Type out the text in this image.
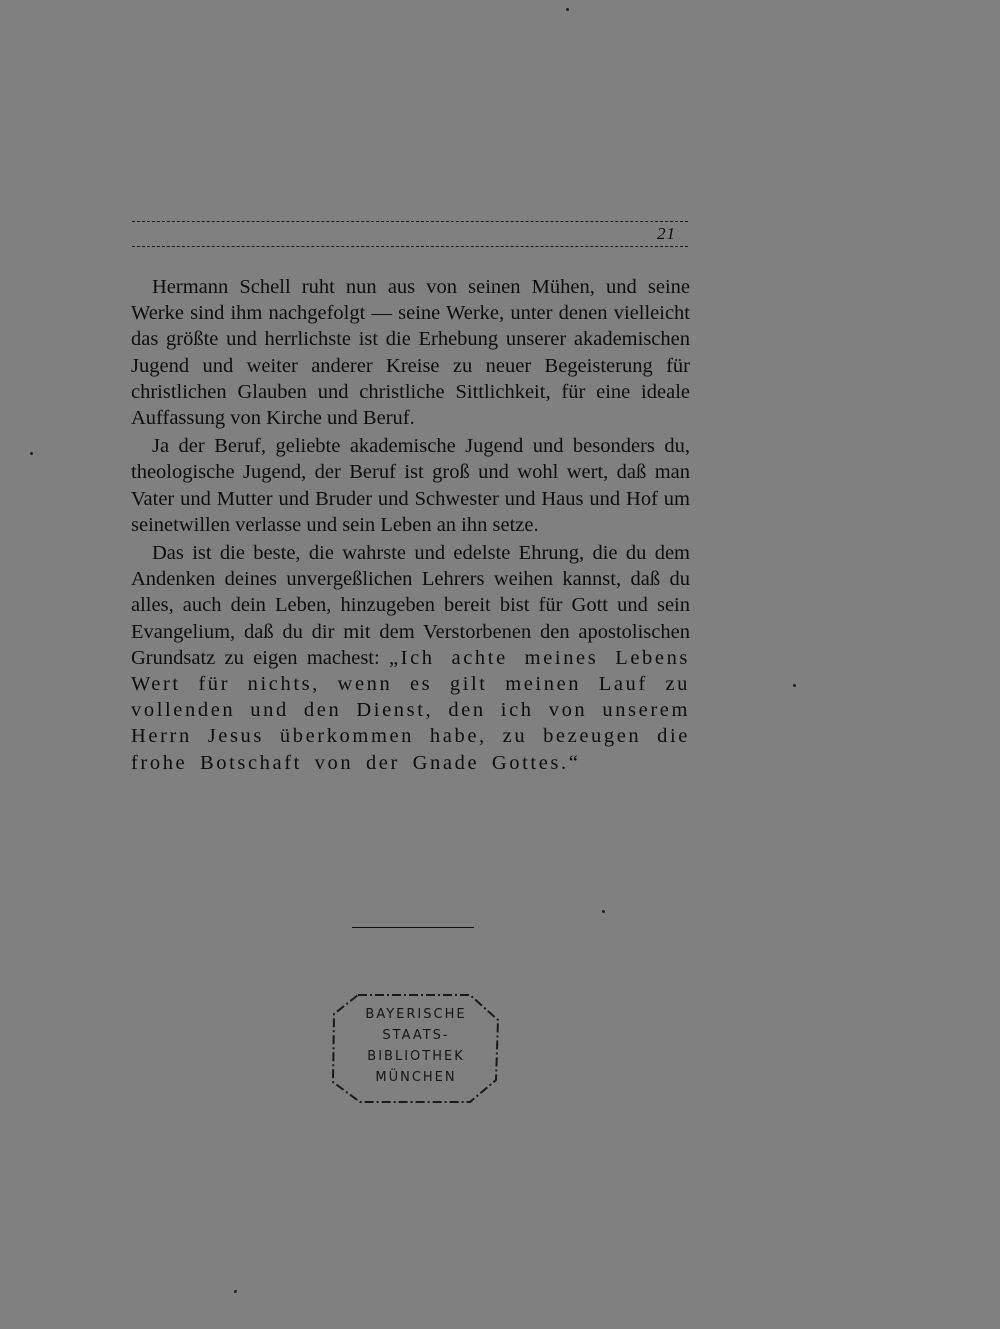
21

Hermann Schell ruht nun aus von seinen Mühen, und seine Werke sind ihm nachgefolgt — seine Werke, unter denen vielleicht das größte und herrlichste ist die Erhebung unserer akademischen Jugend und weiter anderer Kreise zu neuer Begeisterung für christlichen Glauben und christliche Sittlichkeit, für eine ideale Auffassung von Kirche und Beruf.

Ja der Beruf, geliebte akademische Jugend und besonders du, theologische Jugend, der Beruf ist groß und wohl wert, daß man Vater und Mutter und Bruder und Schwester und Haus und Hof um seinetwillen verlasse und sein Leben an ihn setze.

Das ist die beste, die wahrste und edelste Ehrung, die du dem Andenken deines unvergeßlichen Lehrers weihen kannst, daß du alles, auch dein Leben, hinzugeben bereit bist für Gott und sein Evangelium, daß du dir mit dem Verstorbenen den apostolischen Grundsatz zu eigen machest: „Ich achte meines Lebens Wert für nichts, wenn es gilt meinen Lauf zu vollenden und den Dienst, den ich von unserem Herrn Jesus überkommen habe, zu bezeugen die frohe Botschaft von der Gnade Gottes.“

BAYERISCHE
STAATS-
BIBLIOTHEK
MÜNCHEN
